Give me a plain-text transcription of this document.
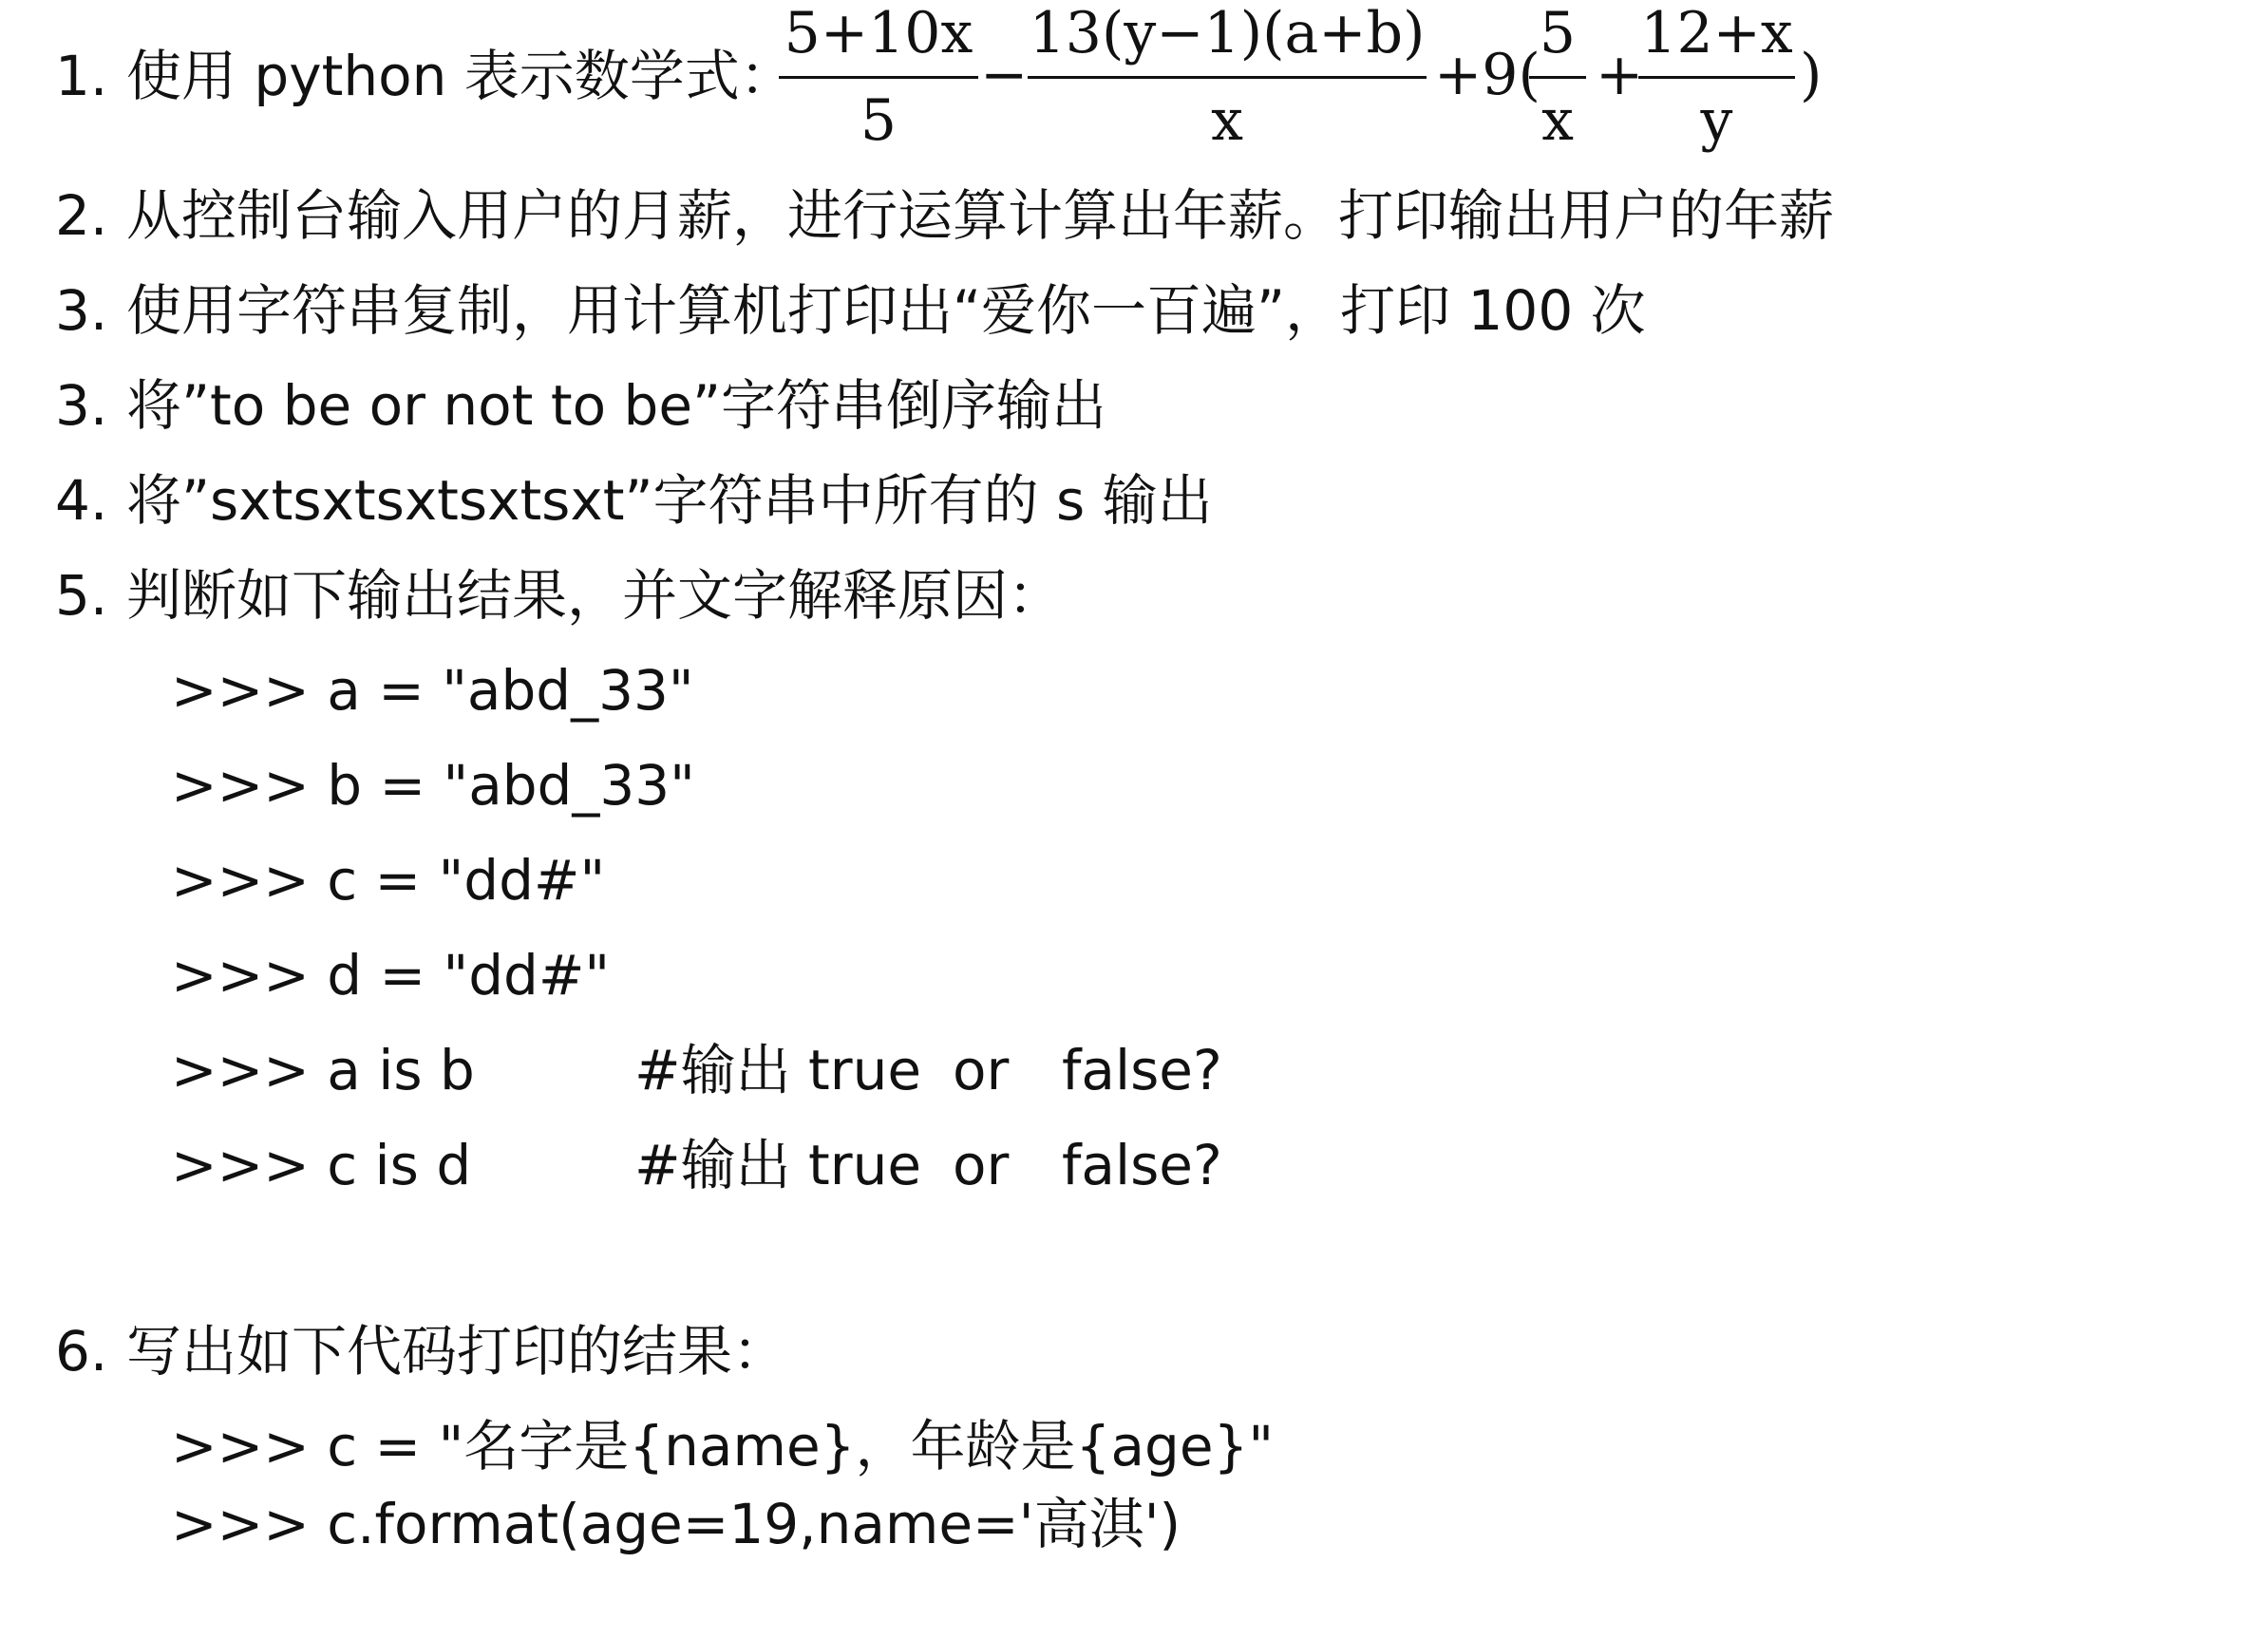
1.

使用 python 表示数学式：

5+10x
5
−
13(y−1)(a+b)
x
+9(
5
x
+
12+x
y
)

2.

从控制台输入用户的月薪，进行运算计算出年薪。打印输出用户的年薪

3.

使用字符串复制，用计算机打印出“爱你一百遍”，打印 100 次

3.

将”to be or not to be”字符串倒序输出

4.

将”sxtsxtsxtsxtsxt”字符串中所有的 s 输出

5.

判断如下输出结果，并文字解释原因：

>>> a = "abd_33"

>>> b = "abd_33"

>>> c = "dd#"

>>> d = "dd#"

>>> a is b

	#输出 true

or

false?

>>> c is d

	#输出 true

or

false?

6.

写出如下代码打印的结果：

>>> c = "名字是{name}，年龄是{age}"

>>> c.format(age=19,name='高淇')
